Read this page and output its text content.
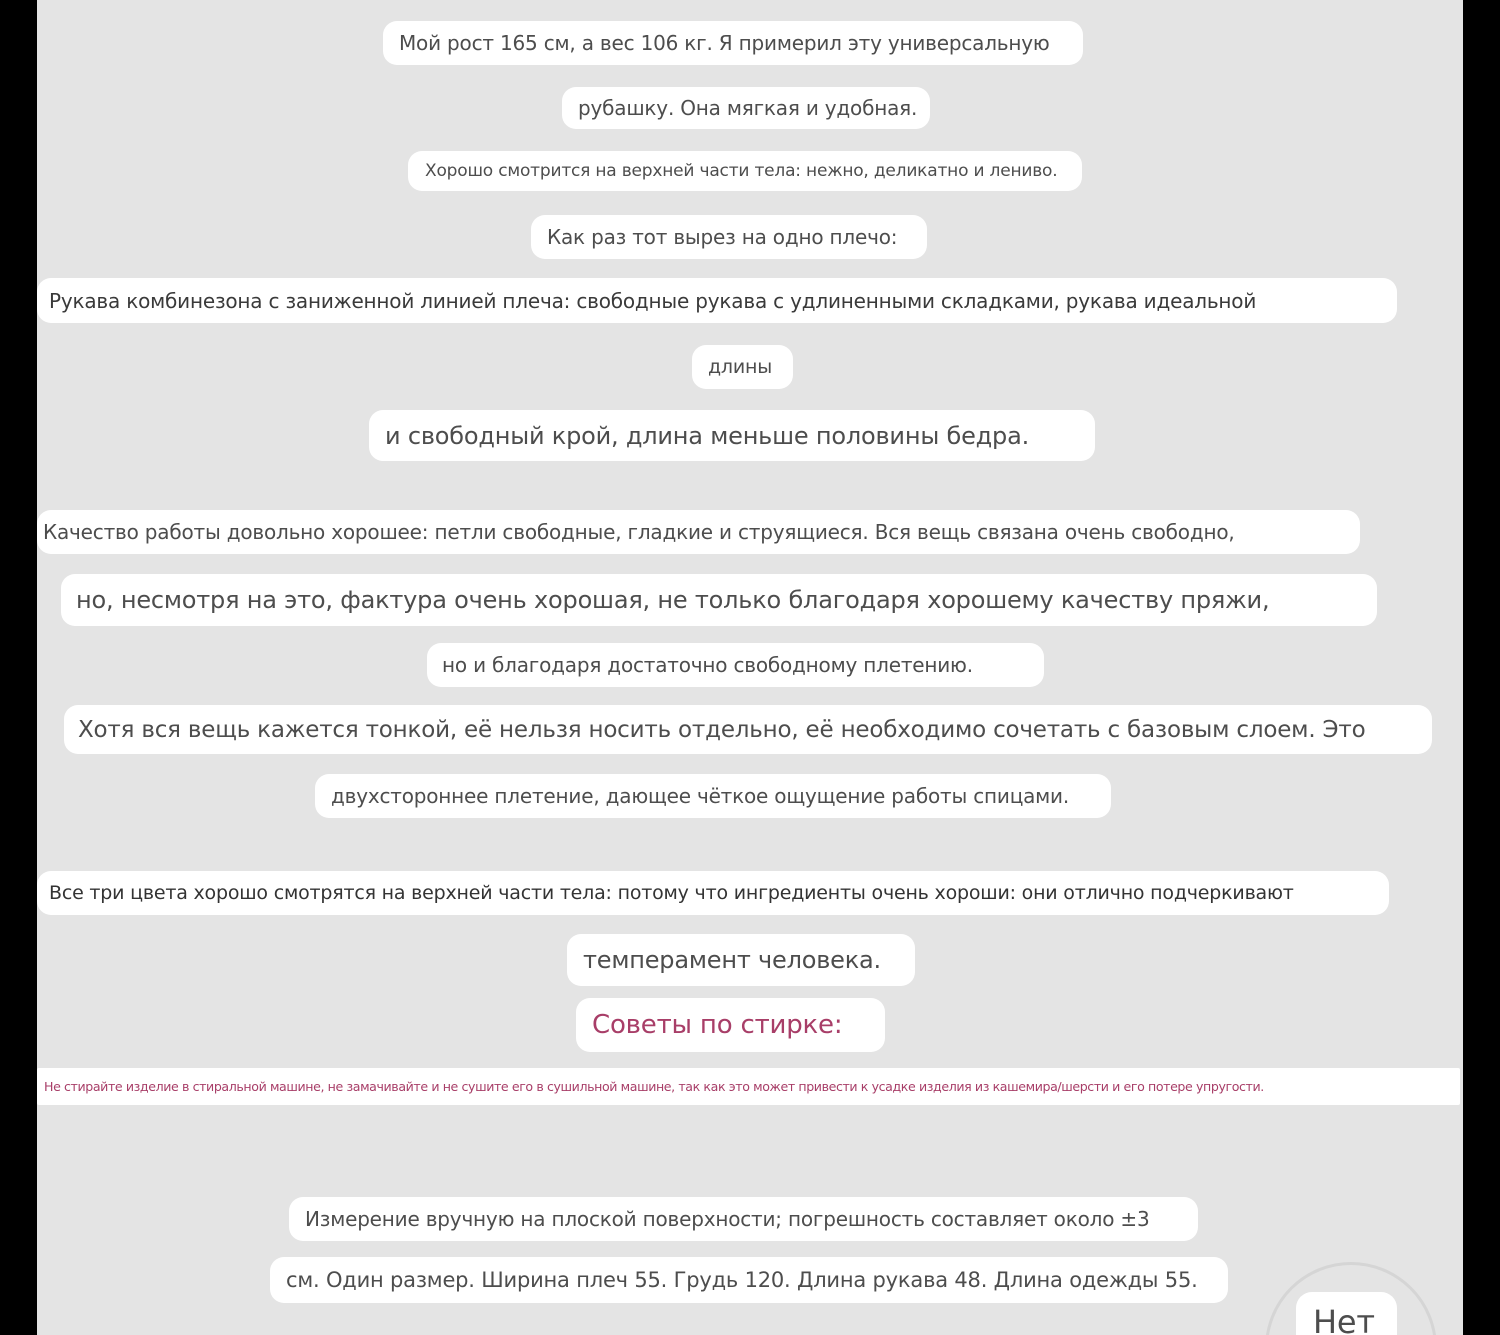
Мой рост 165 см, а вес 106 кг. Я примерил эту универсальную
рубашку. Она мягкая и удобная.
Хорошо смотрится на верхней части тела: нежно, деликатно и лениво.
Как раз тот вырез на одно плечо:
Рукава комбинезона с заниженной линией плеча: свободные рукава с удлиненными складками, рукава идеальной
длины
и свободный крой, длина меньше половины бедра.
Качество работы довольно хорошее: петли свободные, гладкие и струящиеся. Вся вещь связана очень свободно,
но, несмотря на это, фактура очень хорошая, не только благодаря хорошему качеству пряжи,
но и благодаря достаточно свободному плетению.
Хотя вся вещь кажется тонкой, её нельзя носить отдельно, её необходимо сочетать с базовым слоем. Это
двухстороннее плетение, дающее чёткое ощущение работы спицами.
Все три цвета хорошо смотрятся на верхней части тела: потому что ингредиенты очень хороши: они отлично подчеркивают
темперамент человека.
Советы по стирке:
Не стирайте изделие в стиральной машине, не замачивайте и не сушите его в сушильной машине, так как это может привести к усадке изделия из кашемира/шерсти и его потере упругости.
Измерение вручную на плоской поверхности; погрешность составляет около ±3
см. Один размер. Ширина плеч 55. Грудь 120. Длина рукава 48. Длина одежды 55.
Нет
